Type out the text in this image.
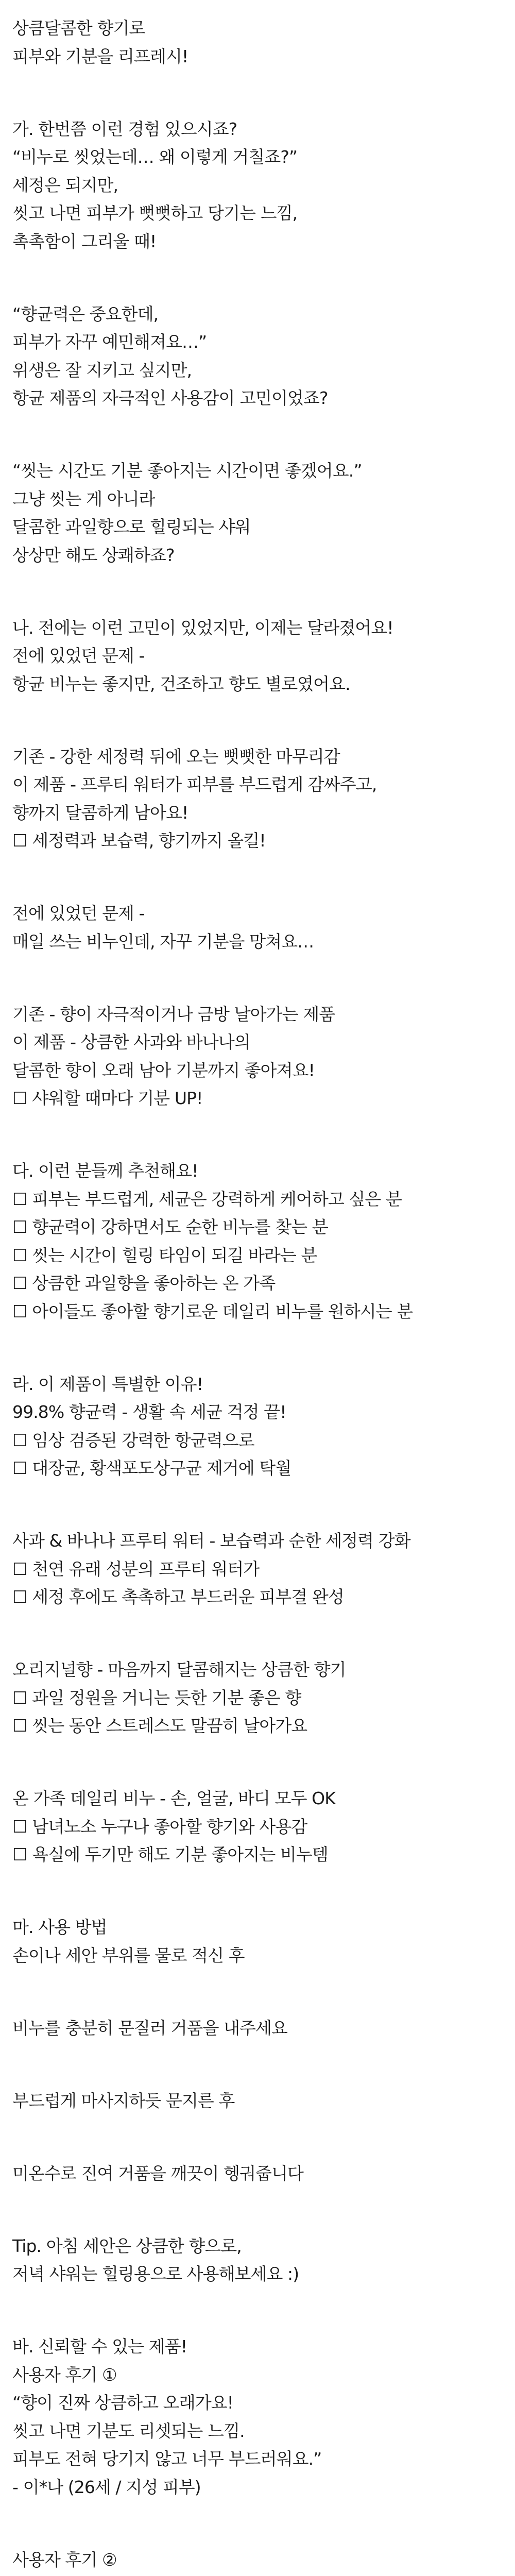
상큼달콤한 향기로

피부와 기분을 리프레시!

가. 한번쯤 이런 경험 있으시죠?

“비누로 씻었는데… 왜 이렇게 거칠죠?”

세정은 되지만,

씻고 나면 피부가 뻣뻣하고 당기는 느낌,

촉촉함이 그리울 때!

“향균력은 중요한데,

피부가 자꾸 예민해져요…”

위생은 잘 지키고 싶지만,

항균 제품의 자극적인 사용감이 고민이었죠?

“씻는 시간도 기분 좋아지는 시간이면 좋겠어요.”

그냥 씻는 게 아니라

달콤한 과일향으로 힐링되는 샤워

상상만 해도 상쾌하죠?

나. 전에는 이런 고민이 있었지만, 이제는 달라졌어요!

전에 있었던 문제 -

항균 비누는 좋지만, 건조하고 향도 별로였어요.

기존 - 강한 세정력 뒤에 오는 뻣뻣한 마무리감

이 제품 - 프루티 워터가 피부를 부드럽게 감싸주고,

향까지 달콤하게 남아요!

☐ 세정력과 보습력, 향기까지 올킬!

전에 있었던 문제 -

매일 쓰는 비누인데, 자꾸 기분을 망쳐요…

기존 - 향이 자극적이거나 금방 날아가는 제품

이 제품 - 상큼한 사과와 바나나의

달콤한 향이 오래 남아 기분까지 좋아져요!

☐ 샤워할 때마다 기분 UP!

다. 이런 분들께 추천해요!

☐ 피부는 부드럽게, 세균은 강력하게 케어하고 싶은 분

☐ 향균력이 강하면서도 순한 비누를 찾는 분

☐ 씻는 시간이 힐링 타임이 되길 바라는 분

☐ 상큼한 과일향을 좋아하는 온 가족

☐ 아이들도 좋아할 향기로운 데일리 비누를 원하시는 분

라. 이 제품이 특별한 이유!

99.8% 향균력 - 생활 속 세균 걱정 끝!

☐ 임상 검증된 강력한 항균력으로

☐ 대장균, 황색포도상구균 제거에 탁월

사과 & 바나나 프루티 워터 - 보습력과 순한 세정력 강화

☐ 천연 유래 성분의 프루티 워터가

☐ 세정 후에도 촉촉하고 부드러운 피부결 완성

오리지널향 - 마음까지 달콤해지는 상큼한 향기

☐ 과일 정원을 거니는 듯한 기분 좋은 향

☐ 씻는 동안 스트레스도 말끔히 날아가요

온 가족 데일리 비누 - 손, 얼굴, 바디 모두 OK

☐ 남녀노소 누구나 좋아할 향기와 사용감

☐ 욕실에 두기만 해도 기분 좋아지는 비누템

마. 사용 방법

손이나 세안 부위를 물로 적신 후

비누를 충분히 문질러 거품을 내주세요

부드럽게 마사지하듯 문지른 후

미온수로 진여 거품을 깨끗이 헹궈줍니다

Tip. 아침 세안은 상큼한 향으로,

저녁 샤워는 힐링용으로 사용해보세요 :)

바. 신뢰할 수 있는 제품!

사용자 후기 ①

“향이 진짜 상큼하고 오래가요!

씻고 나면 기분도 리셋되는 느낌.

피부도 전혀 당기지 않고 너무 부드러워요.”

- 이*나 (26세 / 지성 피부)

사용자 후기 ②
